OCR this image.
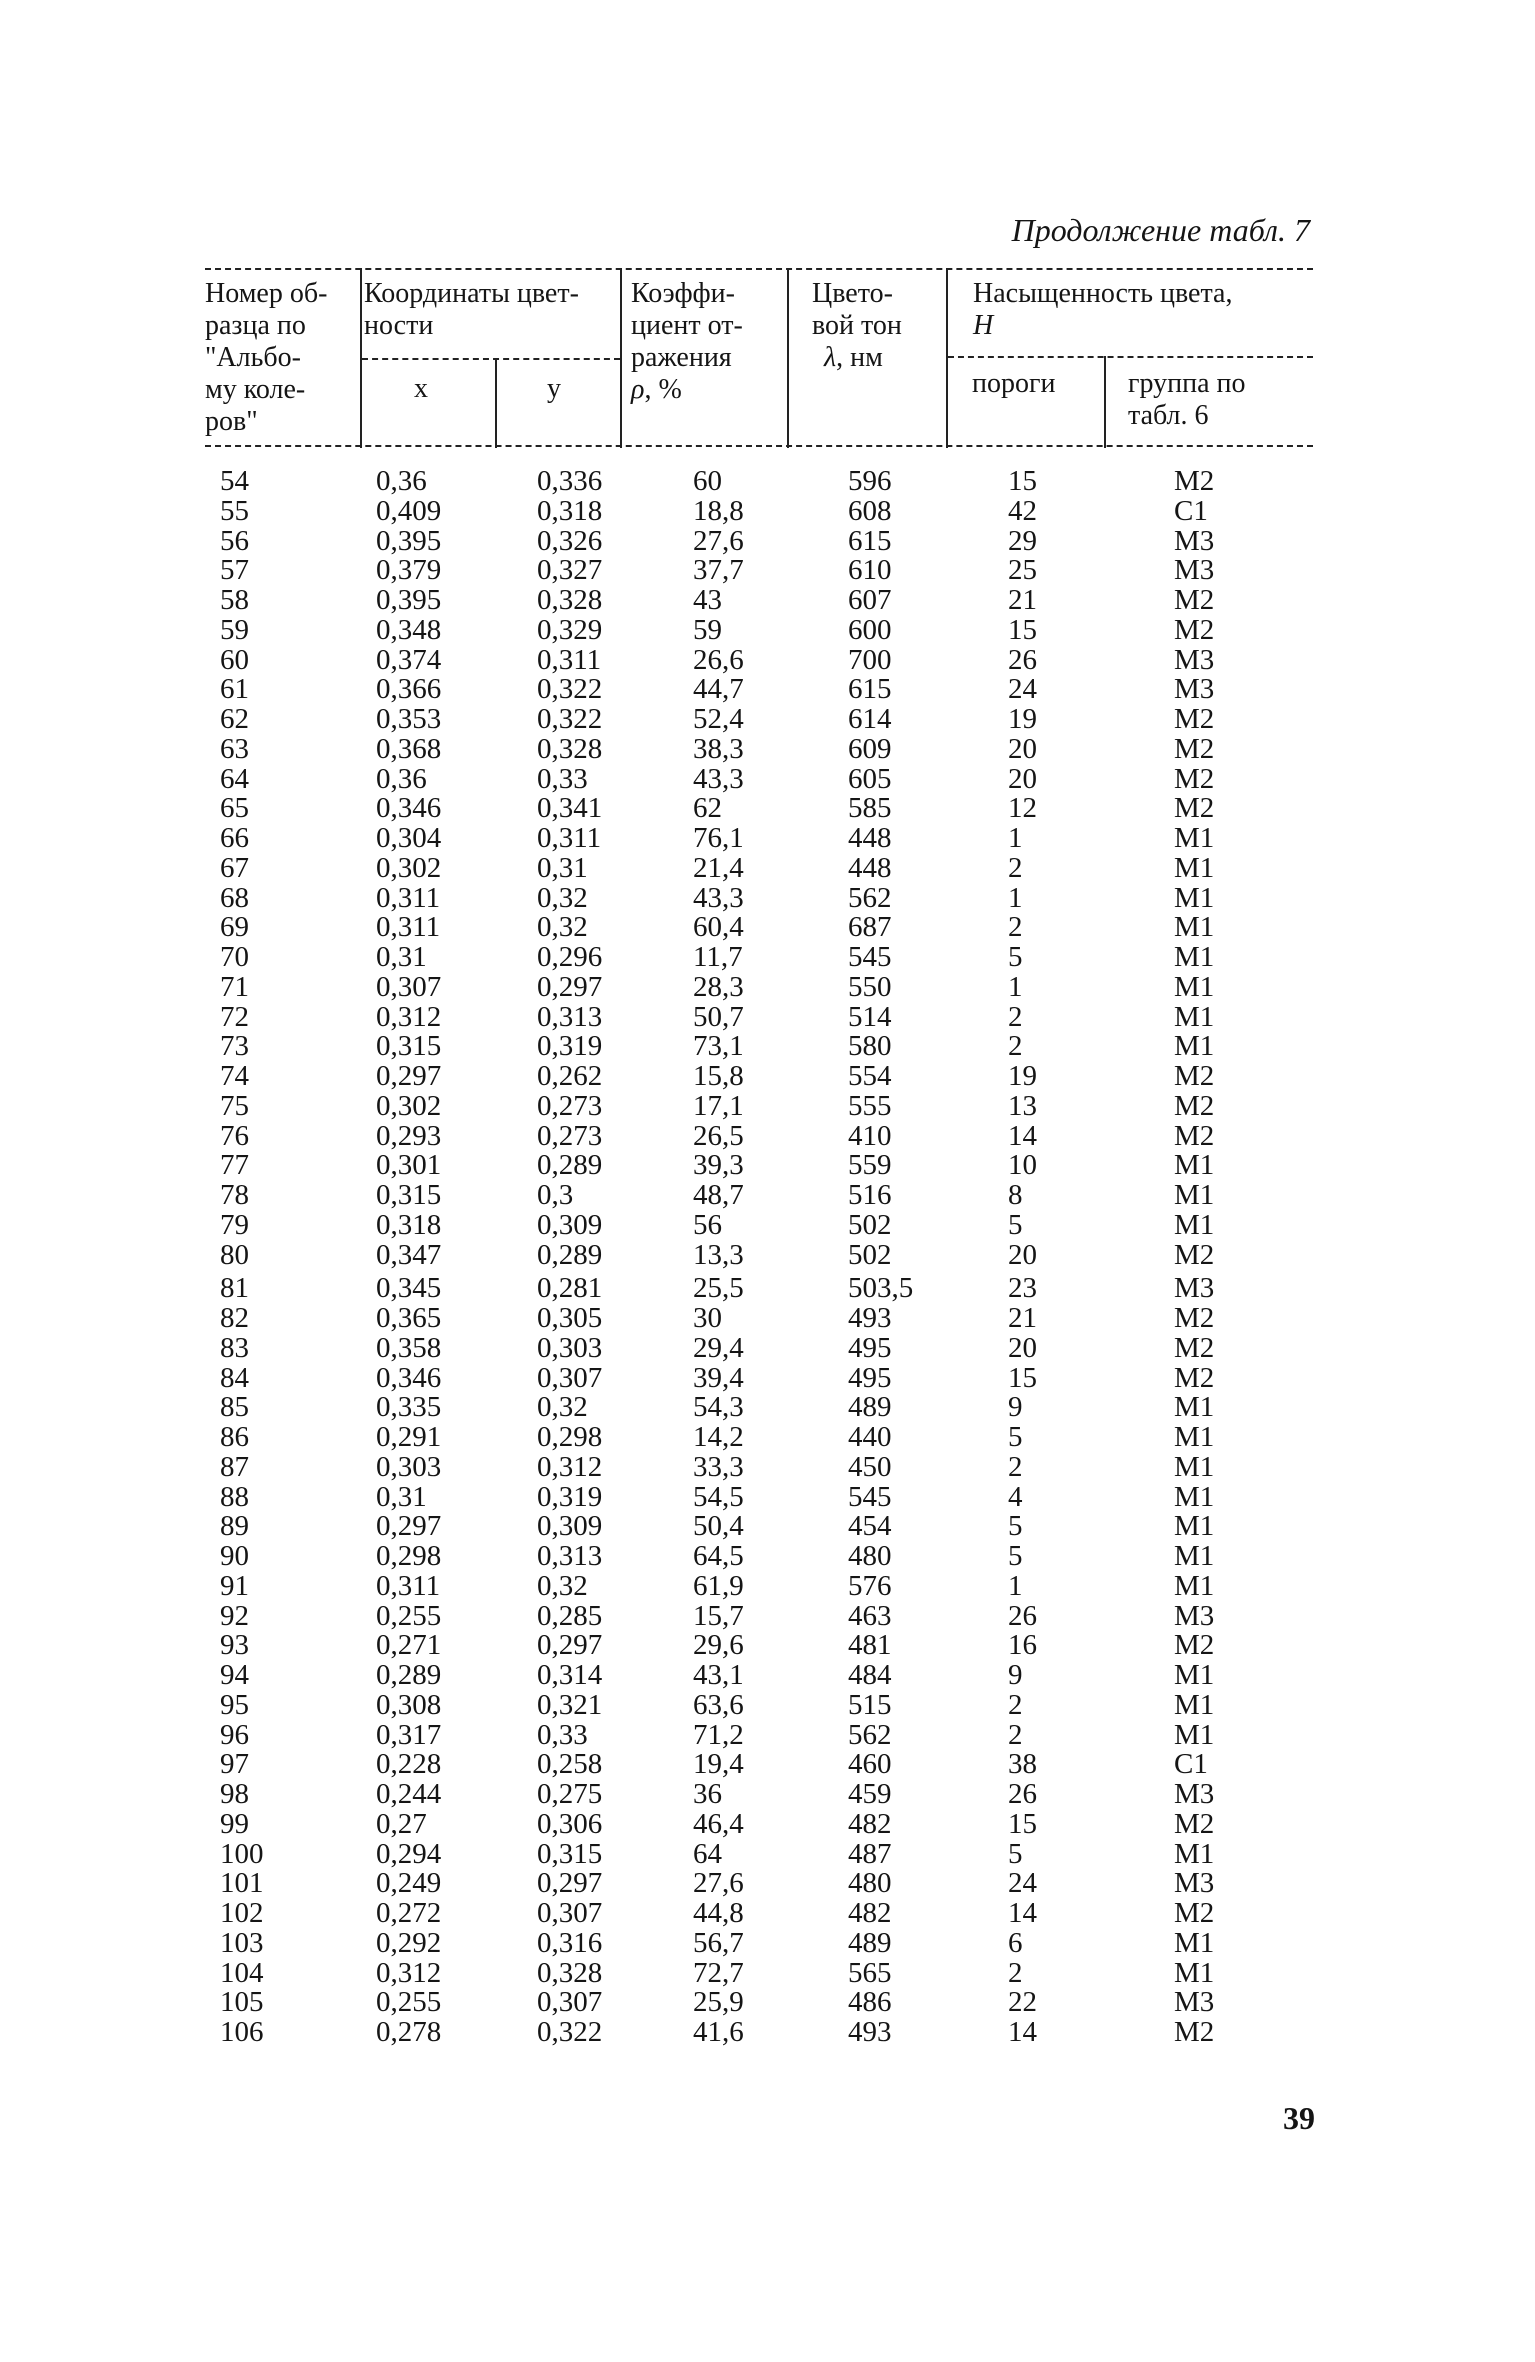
Продолжение табл. 7
Номер об-
разца по
"Альбо-
му коле-
ров"
Координаты цвет-
ности
x	y
Коэффи-
циент от-
ражения
ρ, %
Цвето-
вой тон
λ, нм
Насыщенность цвета,
H
пороги	группа по
табл. 6
54	0,36	0,336	60	596	15	M2
55	0,409	0,318	18,8	608	42	C1
56	0,395	0,326	27,6	615	29	M3
57	0,379	0,327	37,7	610	25	M3
58	0,395	0,328	43	607	21	M2
59	0,348	0,329	59	600	15	M2
60	0,374	0,311	26,6	700	26	M3
61	0,366	0,322	44,7	615	24	M3
62	0,353	0,322	52,4	614	19	M2
63	0,368	0,328	38,3	609	20	M2
64	0,36	0,33	43,3	605	20	M2
65	0,346	0,341	62	585	12	M2
66	0,304	0,311	76,1	448	1	M1
67	0,302	0,31	21,4	448	2	M1
68	0,311	0,32	43,3	562	1	M1
69	0,311	0,32	60,4	687	2	M1
70	0,31	0,296	11,7	545	5	M1
71	0,307	0,297	28,3	550	1	M1
72	0,312	0,313	50,7	514	2	M1
73	0,315	0,319	73,1	580	2	M1
74	0,297	0,262	15,8	554	19	M2
75	0,302	0,273	17,1	555	13	M2
76	0,293	0,273	26,5	410	14	M2
77	0,301	0,289	39,3	559	10	M1
78	0,315	0,3	48,7	516	8	M1
79	0,318	0,309	56	502	5	M1
80	0,347	0,289	13,3	502	20	M2
81	0,345	0,281	25,5	503,5	23	M3
82	0,365	0,305	30	493	21	M2
83	0,358	0,303	29,4	495	20	M2
84	0,346	0,307	39,4	495	15	M2
85	0,335	0,32	54,3	489	9	M1
86	0,291	0,298	14,2	440	5	M1
87	0,303	0,312	33,3	450	2	M1
88	0,31	0,319	54,5	545	4	M1
89	0,297	0,309	50,4	454	5	M1
90	0,298	0,313	64,5	480	5	M1
91	0,311	0,32	61,9	576	1	M1
92	0,255	0,285	15,7	463	26	M3
93	0,271	0,297	29,6	481	16	M2
94	0,289	0,314	43,1	484	9	M1
95	0,308	0,321	63,6	515	2	M1
96	0,317	0,33	71,2	562	2	M1
97	0,228	0,258	19,4	460	38	C1
98	0,244	0,275	36	459	26	M3
99	0,27	0,306	46,4	482	15	M2
100	0,294	0,315	64	487	5	M1
101	0,249	0,297	27,6	480	24	M3
102	0,272	0,307	44,8	482	14	M2
103	0,292	0,316	56,7	489	6	M1
104	0,312	0,328	72,7	565	2	M1
105	0,255	0,307	25,9	486	22	M3
106	0,278	0,322	41,6	493	14	M2
39
